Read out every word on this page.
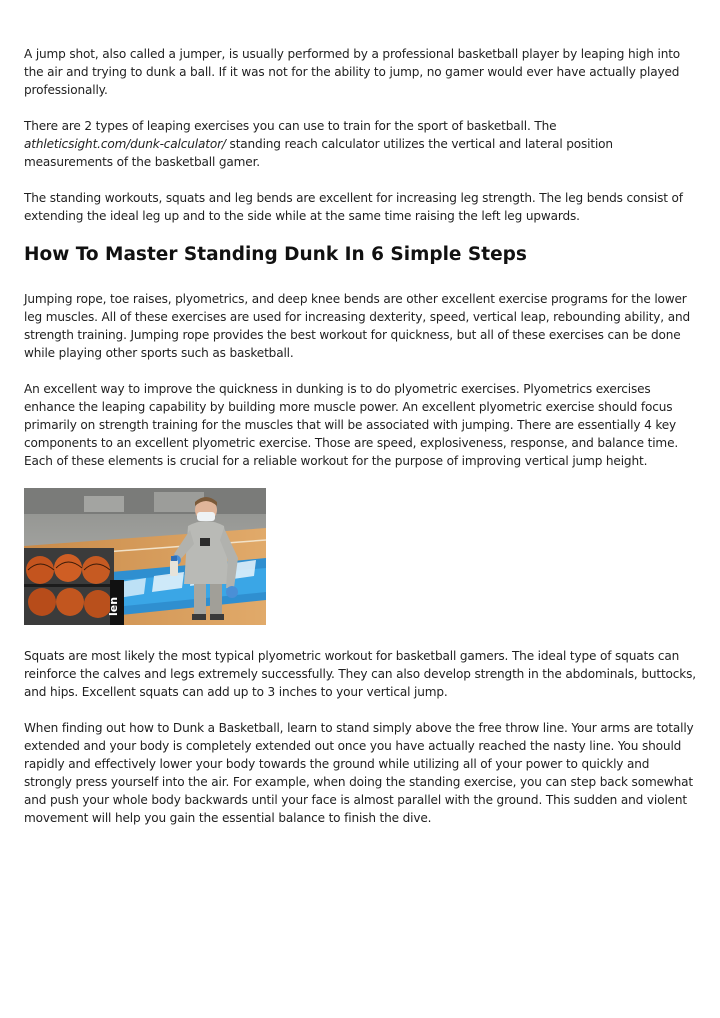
A jump shot, also called a jumper, is usually performed by a professional basketball player by leaping high into the air and trying to dunk a ball. If it was not for the ability to jump, no gamer would ever have actually played professionally.

There are 2 types of leaping exercises you can use to train for the sport of basketball. The athleticsight.com/dunk-calculator/ standing reach calculator utilizes the vertical and lateral position measurements of the basketball gamer.

The standing workouts, squats and leg bends are excellent for increasing leg strength. The leg bends consist of extending the ideal leg up and to the side while at the same time raising the left leg upwards.

How To Master Standing Dunk In 6 Simple Steps

Jumping rope, toe raises, plyometrics, and deep knee bends are other excellent exercise programs for the lower leg muscles. All of these exercises are used for increasing dexterity, speed, vertical leap, rebounding ability, and strength training. Jumping rope provides the best workout for quickness, but all of these exercises can be done while playing other sports such as basketball.

An excellent way to improve the quickness in dunking is to do plyometric exercises. Plyometrics exercises enhance the leaping capability by building more muscle power. An excellent plyometric exercise should focus primarily on strength training for the muscles that will be associated with jumping. There are essentially 4 key components to an excellent plyometric exercise. Those are speed, explosiveness, response, and balance time. Each of these elements is crucial for a reliable workout for the purpose of improving vertical jump height.

len

Squats are most likely the most typical plyometric workout for basketball gamers. The ideal type of squats can reinforce the calves and legs extremely successfully. They can also develop strength in the abdominals, buttocks, and hips. Excellent squats can add up to 3 inches to your vertical jump.

When finding out how to Dunk a Basketball, learn to stand simply above the free throw line. Your arms are totally extended and your body is completely extended out once you have actually reached the nasty line. You should rapidly and effectively lower your body towards the ground while utilizing all of your power to quickly and strongly press yourself into the air. For example, when doing the standing exercise, you can step back somewhat and push your whole body backwards until your face is almost parallel with the ground. This sudden and violent movement will help you gain the essential balance to finish the dive.
